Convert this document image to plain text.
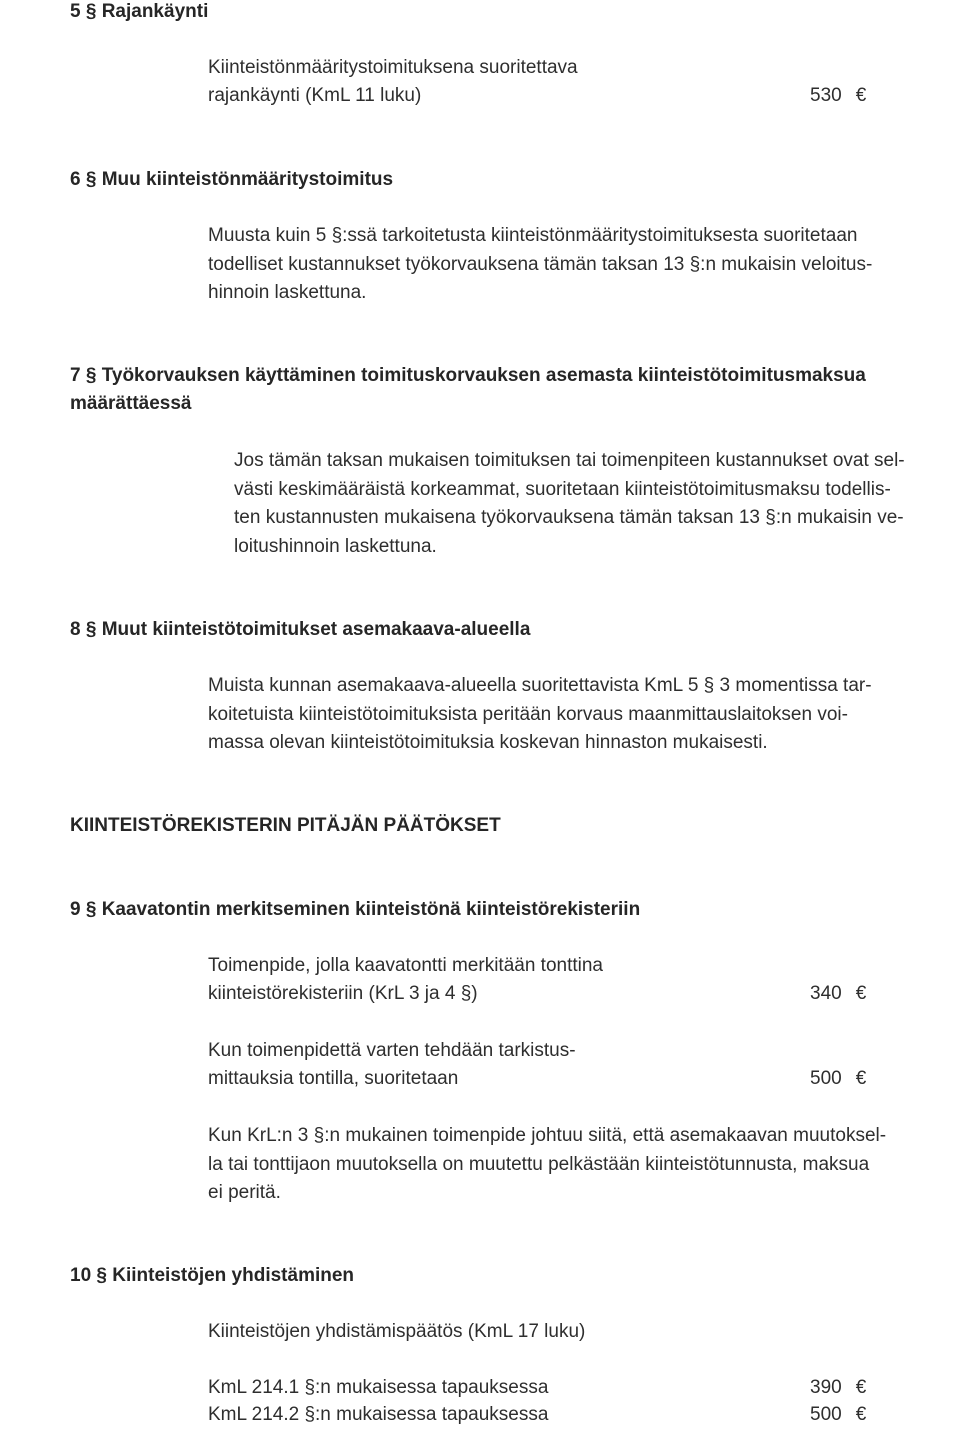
5 § Rajankäynti
Kiinteistönmääritystoimituksena suoritettava
rajankäynti (KmL 11 luku)	530 €
6 § Muu kiinteistönmääritystoimitus
Muusta kuin 5 §:ssä tarkoitetusta kiinteistönmääritystoimituksesta suoritetaan
todelliset kustannukset työkorvauksena tämän taksan 13 §:n mukaisin veloitus-
hinnoin laskettuna.
7 § Työkorvauksen käyttäminen toimituskorvauksen asemasta kiinteistötoimitusmaksua
määrättäessä
Jos tämän taksan mukaisen toimituksen tai toimenpiteen kustannukset ovat sel-
västi keskimääräistä korkeammat, suoritetaan kiinteistötoimitusmaksu todellis-
ten kustannusten mukaisena työkorvauksena tämän taksan 13 §:n mukaisin ve-
loitushinnoin laskettuna.
8 § Muut kiinteistötoimitukset asemakaava-alueella
Muista kunnan asemakaava-alueella suoritettavista KmL 5 § 3 momentissa tar-
koitetuista kiinteistötoimituksista peritään korvaus maanmittauslaitoksen voi-
massa olevan kiinteistötoimituksia koskevan hinnaston mukaisesti.
KIINTEISTÖREKISTERIN PITÄJÄN PÄÄTÖKSET
9 § Kaavatontin merkitseminen kiinteistönä kiinteistörekisteriin
Toimenpide, jolla kaavatontti merkitään tonttina
kiinteistörekisteriin (KrL 3 ja 4 §)	340 €
Kun toimenpidettä varten tehdään tarkistus-
mittauksia tontilla, suoritetaan	500 €
Kun KrL:n 3 §:n mukainen toimenpide johtuu siitä, että asemakaavan muutoksel-
la tai tonttijaon muutoksella on muutettu pelkästään kiinteistötunnusta, maksua
ei peritä.
10 § Kiinteistöjen yhdistäminen
Kiinteistöjen yhdistämispäätös (KmL 17 luku)
KmL 214.1 §:n mukaisessa tapauksessa	390 €
KmL 214.2 §:n mukaisessa tapauksessa	500 €
